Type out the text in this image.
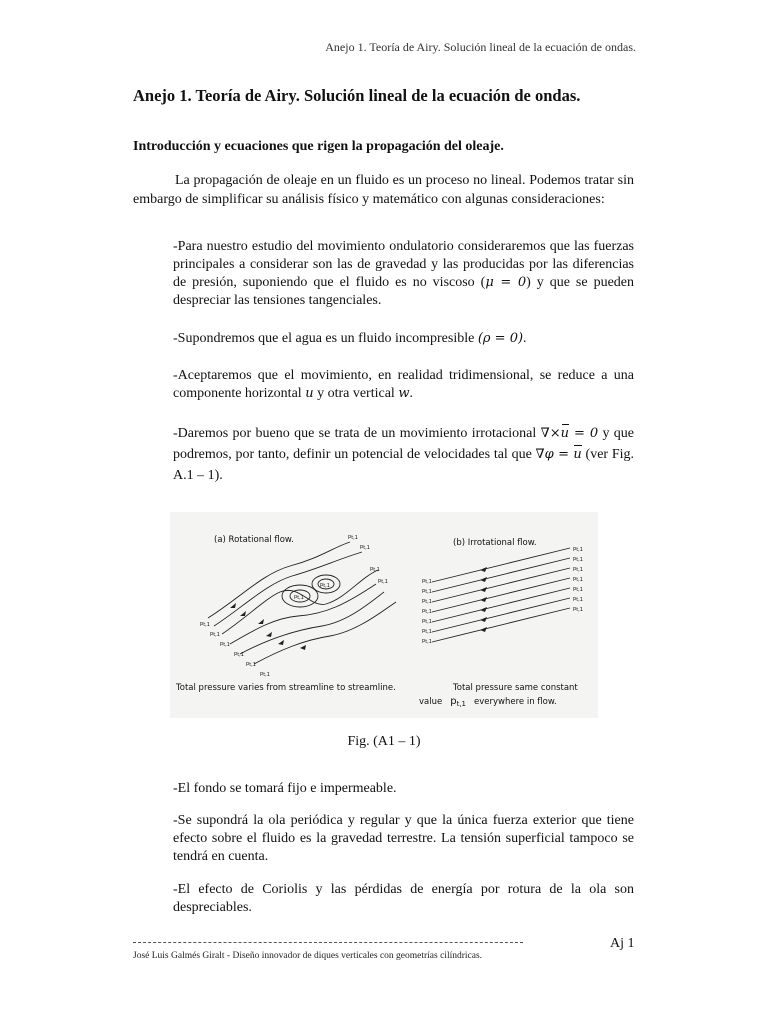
Anejo 1. Teoría de Airy. Solución lineal de la ecuación de ondas.
Anejo 1. Teoría de Airy. Solución lineal de la ecuación de ondas.
Introducción y ecuaciones que rigen la propagación del oleaje.
La propagación de oleaje en un fluido es un proceso no lineal. Podemos tratar sin embargo de simplificar su análisis físico y matemático con algunas consideraciones:
-Para nuestro estudio del movimiento ondulatorio consideraremos que las fuerzas principales a considerar son las de gravedad y las producidas por las diferencias de presión, suponiendo que el fluido es no viscoso (μ = 0) y que se pueden despreciar las tensiones tangenciales.
-Supondremos que el agua es un fluido incompresible (ρ = 0).
-Aceptaremos que el movimiento, en realidad tridimensional, se reduce a una componente horizontal u y otra vertical w.
-Daremos por bueno que se trata de un movimiento irrotacional ∇×u = 0 y que podremos, por tanto, definir un potencial de velocidades tal que ∇φ = u (ver Fig. A.1 – 1).
(a) Rotational flow.	(b) Irrotational flow.
pt,1
pt,1
pt,1
pt,1
pt,1
pt,1
pt,1
pt,1
pt,1
pt,1
pt,1
pt,1
pt,1
pt,1
pt,1
pt,1
pt,1
pt,1
pt,1
pt,1
pt,1
pt,1
pt,1
pt,1
pt,1
pt,1
Total pressure varies from streamline to streamline.	Total pressure same constant
value $p_{t,1}$ everywhere in flow.
Fig. (A1 – 1)
-El fondo se tomará fijo e impermeable.
-Se supondrá la ola periódica y regular y que la única fuerza exterior que tiene efecto sobre el fluido es la gravedad terrestre. La tensión superficial tampoco se tendrá en cuenta.
-El efecto de Coriolis y las pérdidas de energía por rotura de la ola son despreciables.
Aj 1
José Luis Galmés Giralt - Diseño innovador de diques verticales con geometrías cilíndricas.
